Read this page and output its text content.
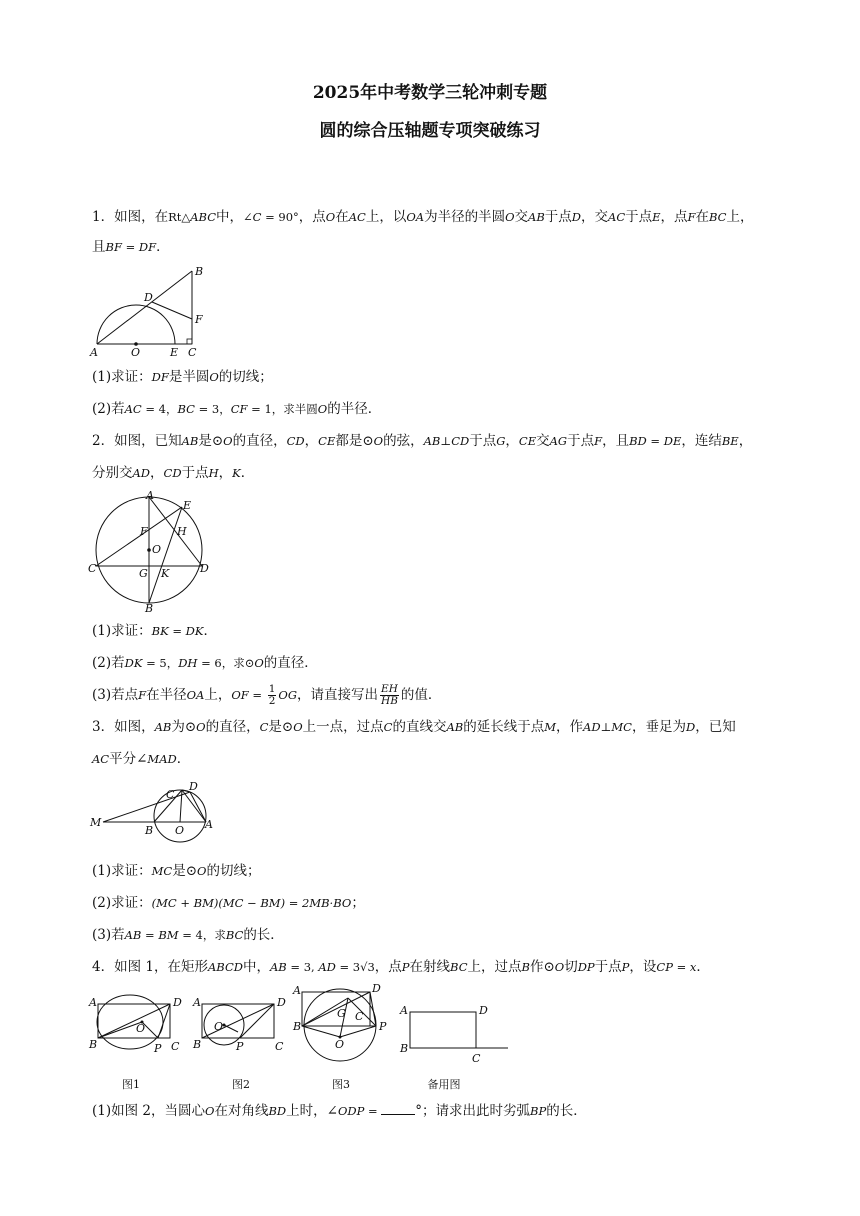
2025年中考数学三轮冲刺专题
圆的综合压轴题专项突破练习
1．如图，在Rt△ABC中，∠C = 90°，点O在AC上，以OA为半径的半圆O交AB于点D，交AC于点E，点F在BC上，
且BF = DF．
A	O	E C
D
B
F
(1)求证：DF是半圆O的切线；
(2)若AC = 4，BC = 3，CF = 1，求半圆O的半径．
2．如图，已知AB是⊙O的直径，CD，CE都是⊙O的弦，AB⊥CD于点G，CE交AG于点F，且BD = DE，连结BE，
分别交AD，CD于点H，K．
A
E
F	H
O
C	G K	D
B
(1)求证：BK = DK．
(2)若DK = 5，DH = 6，求⊙O的直径．
(3)若点F在半径OA上，OF = $\frac{1}{2}$ OG，请直接写出 $\frac{EH}{HB}$ 的值．
3．如图，AB为⊙O的直径，C是⊙O上一点，过点C的直线交AB的延长线于点M，作AD⊥MC，垂足为D，已知
AC平分∠MAD．
M
B O A
C
D
(1)求证：MC是⊙O的切线；
(2)求证：(MC + BM)(MC − BM) = 2MB·BO；
(3)若AB = BM = 4，求BC的长．
4．如图 1，在矩形ABCD中，AB = 3, AD = 3√3，点P在射线BC上，过点B作⊙O切DP于点P，设CP = x．
A	D
O
B	P C
图1
A	D
O
B	P	C
图2
A	D
G C
B	P
O
图3
A	D
B
C
备用图
(1)如图 2，当圆心O在对角线BD上时，∠ODP =	°；请求出此时劣弧BP的长．
